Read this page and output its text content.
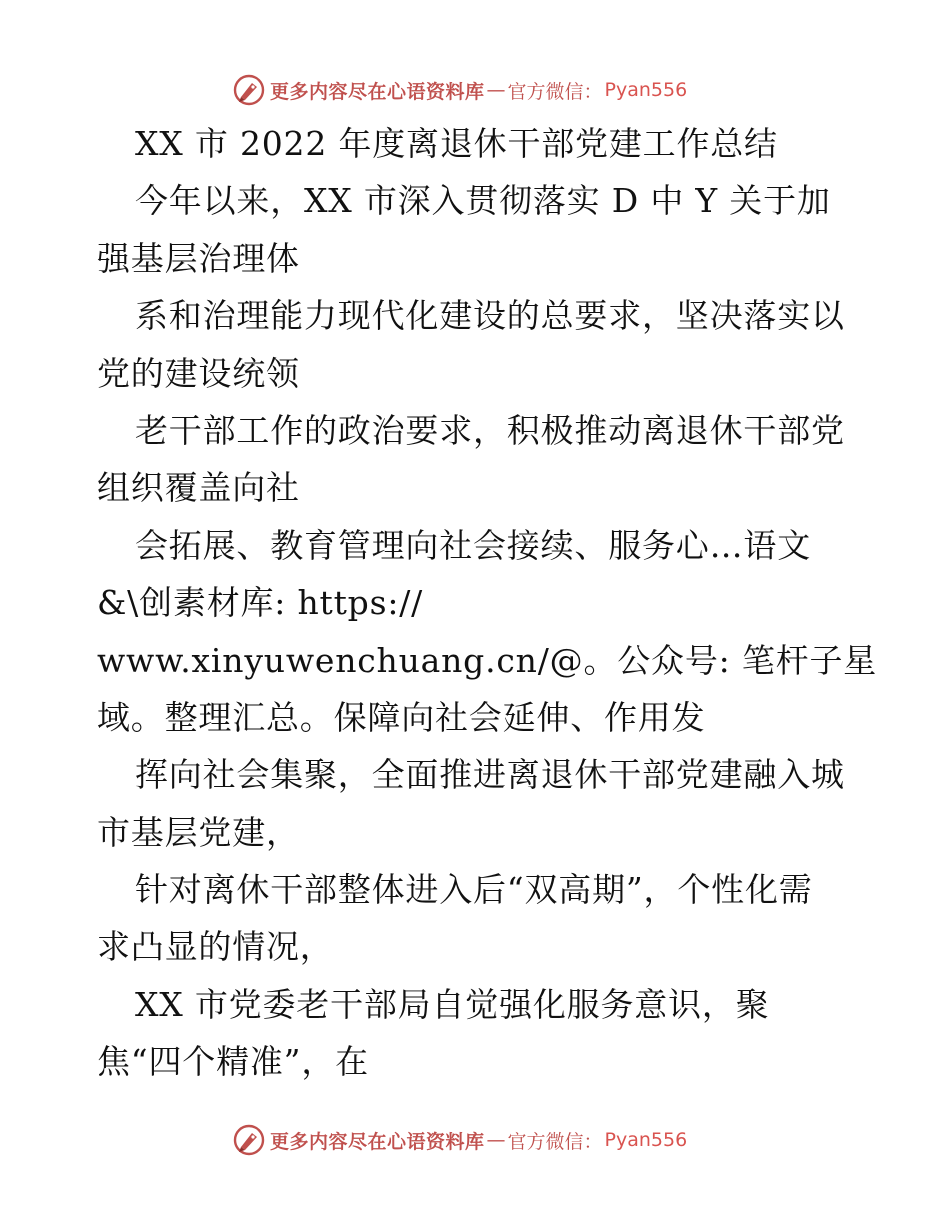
更多内容尽在心语资料库 — 官方微信： Pyan556
XX 市 2022 年度离退休干部党建工作总结
今年以来，XX 市深入贯彻落实 D 中 Y 关于加
强基层治理体
系和治理能力现代化建设的总要求，坚决落实以
党的建设统领
老干部工作的政治要求，积极推动离退休干部党
组织覆盖向社
会拓展、教育管理向社会接续、服务心…语文
&\创素材库: https://
www.xinyuwenchuang.cn/@。公众号: 笔杆子星
域。整理汇总。保障向社会延伸、作用发
挥向社会集聚，全面推进离退休干部党建融入城
市基层党建，
针对离休干部整体进入后“双高期”，个性化需
求凸显的情况，
XX 市党委老干部局自觉强化服务意识，聚
焦“四个精准”，在
更多内容尽在心语资料库 — 官方微信： Pyan556
